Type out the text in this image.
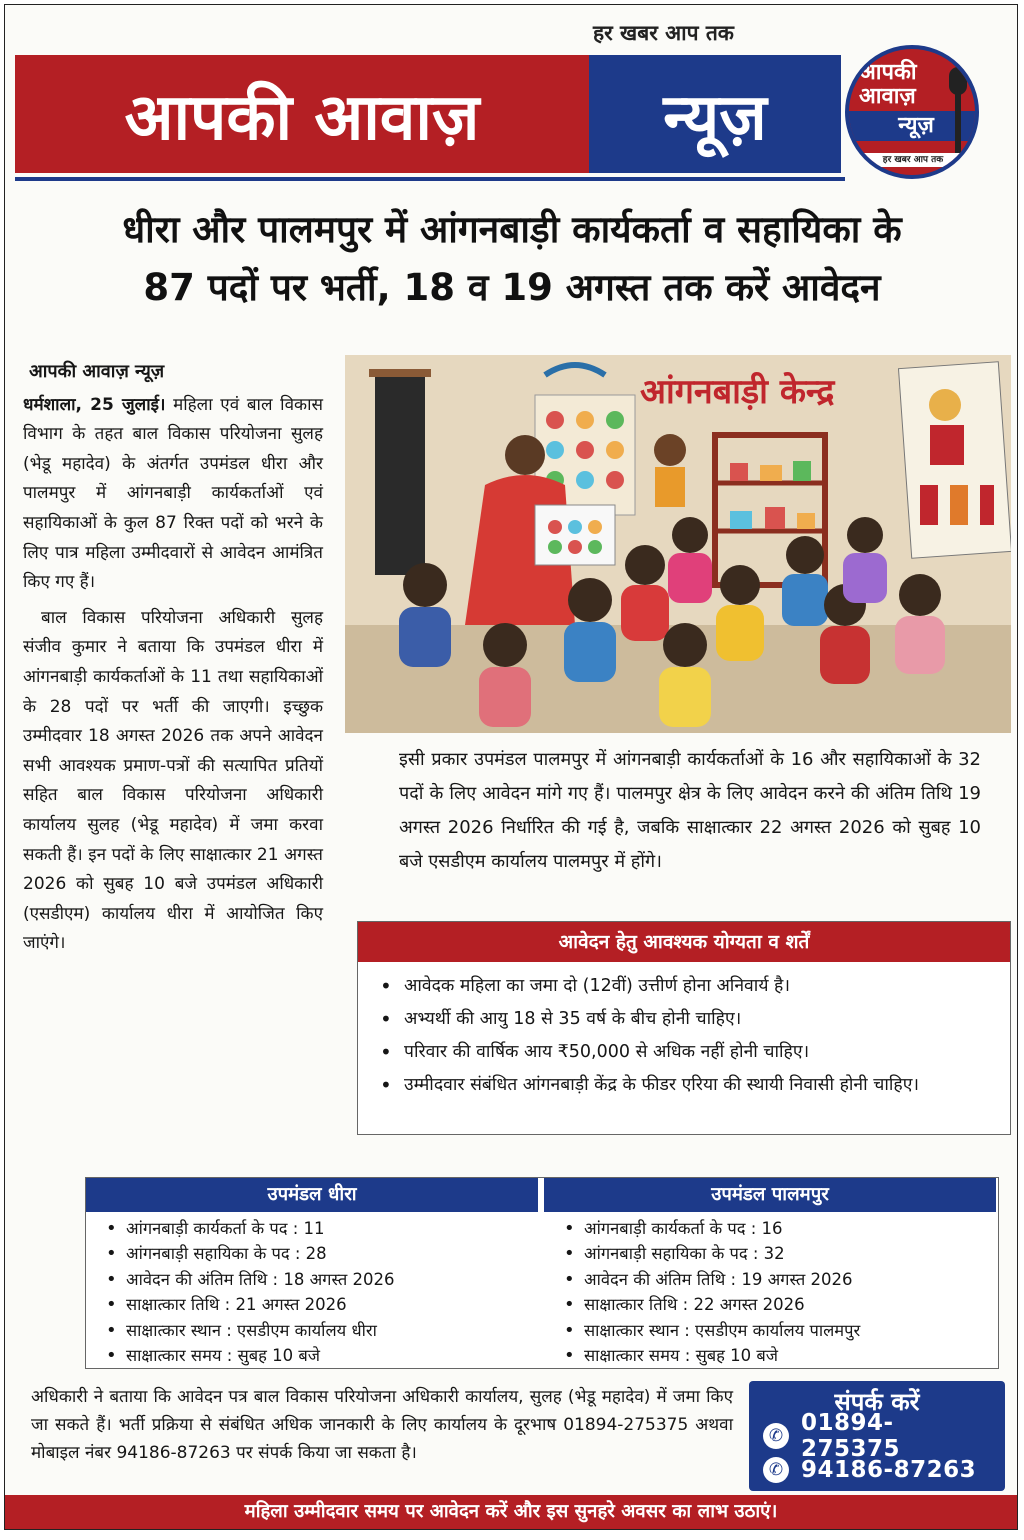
हर खबर आप तक
आपकी आवाज़	न्यूज़
आपकी
आवाज़
न्यूज़
हर खबर आप तक
धीरा और पालमपुर में आंगनबाड़ी कार्यकर्ता व सहायिका के
87 पदों पर भर्ती, 18 व 19 अगस्त तक करें आवेदन
आपकी आवाज़ न्यूज़

धर्मशाला, 25 जुलाई। महिला एवं बाल विकास विभाग के तहत बाल विकास परियोजना सुलह (भेडू महादेव) के अंतर्गत उपमंडल धीरा और पालमपुर में आंगनबाड़ी कार्यकर्ताओं एवं सहायिकाओं के कुल 87 रिक्त पदों को भरने के लिए पात्र महिला उम्मीदवारों से आवेदन आमंत्रित किए गए हैं।

बाल विकास परियोजना अधिकारी सुलह संजीव कुमार ने बताया कि उपमंडल धीरा में आंगनबाड़ी कार्यकर्ताओं के 11 तथा सहायिकाओं के 28 पदों पर भर्ती की जाएगी। इच्छुक उम्मीदवार 18 अगस्त 2026 तक अपने आवेदन सभी आवश्यक प्रमाण-पत्रों की सत्यापित प्रतियों सहित बाल विकास परियोजना अधिकारी कार्यालय सुलह (भेडू महादेव) में जमा करवा सकती हैं। इन पदों के लिए साक्षात्कार 21 अगस्त 2026 को सुबह 10 बजे उपमंडल अधिकारी (एसडीएम) कार्यालय धीरा में आयोजित किए जाएंगे।

आंगनबाड़ी केन्द्र
इसी प्रकार उपमंडल पालमपुर में आंगनबाड़ी कार्यकर्ताओं के 16 और सहायिकाओं के 32 पदों के लिए आवेदन मांगे गए हैं। पालमपुर क्षेत्र के लिए आवेदन करने की अंतिम तिथि 19 अगस्त 2026 निर्धारित की गई है, जबकि साक्षात्कार 22 अगस्त 2026 को सुबह 10 बजे एसडीएम कार्यालय पालमपुर में होंगे।
आवेदन हेतु आवश्यक योग्यता व शर्तें
• आवेदक महिला का जमा दो (12वीं) उत्तीर्ण होना अनिवार्य है।
• अभ्यर्थी की आयु 18 से 35 वर्ष के बीच होनी चाहिए।
• परिवार की वार्षिक आय ₹50,000 से अधिक नहीं होनी चाहिए।
• उम्मीदवार संबंधित आंगनबाड़ी केंद्र के फीडर एरिया की स्थायी निवासी होनी चाहिए।
उपमंडल धीरा
• आंगनबाड़ी कार्यकर्ता के पद : 11
• आंगनबाड़ी सहायिका के पद : 28
• आवेदन की अंतिम तिथि : 18 अगस्त 2026
• साक्षात्कार तिथि : 21 अगस्त 2026
• साक्षात्कार स्थान : एसडीएम कार्यालय धीरा
• साक्षात्कार समय : सुबह 10 बजे
उपमंडल पालमपुर
• आंगनबाड़ी कार्यकर्ता के पद : 16
• आंगनबाड़ी सहायिका के पद : 32
• आवेदन की अंतिम तिथि : 19 अगस्त 2026
• साक्षात्कार तिथि : 22 अगस्त 2026
• साक्षात्कार स्थान : एसडीएम कार्यालय पालमपुर
• साक्षात्कार समय : सुबह 10 बजे
अधिकारी ने बताया कि आवेदन पत्र बाल विकास परियोजना अधिकारी कार्यालय, सुलह (भेडू महादेव) में जमा किए जा सकते हैं। भर्ती प्रक्रिया से संबंधित अधिक जानकारी के लिए कार्यालय के दूरभाष 01894-275375 अथवा मोबाइल नंबर 94186-87263 पर संपर्क किया जा सकता है।
संपर्क करें
✆ 01894-275375
✆ 94186-87263
महिला उम्मीदवार समय पर आवेदन करें और इस सुनहरे अवसर का लाभ उठाएं।
